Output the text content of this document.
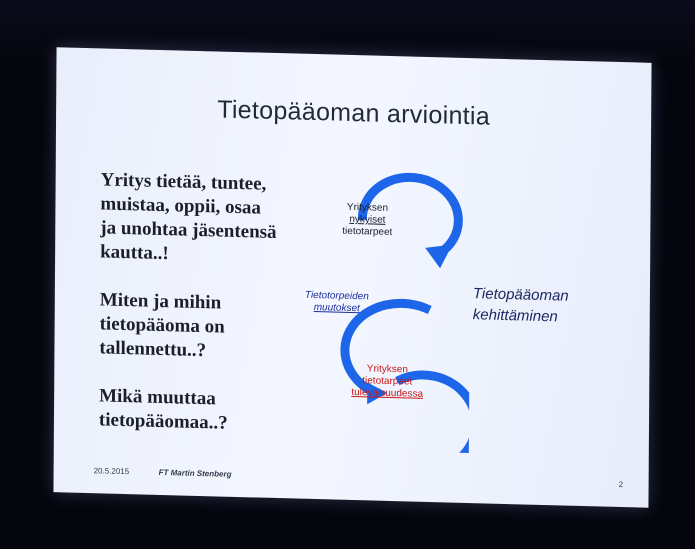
Tietopääoman arviointia

Yritys tietää, tuntee,
muistaa, oppii, osaa
ja unohtaa jäsentensä
kautta..!

Miten ja mihin
tietopääoma on
tallennettu..?

Mikä muuttaa
tietopääomaa..?

Yrityksen
nykyiset
tietotarpeet
Tietotorpeiden
muutokset
Yrityksen
tietotarpeet
tulevaisuudessa
Tietopääoman
kehittäminen
20.5.2015	FT Martin Stenberg
2
